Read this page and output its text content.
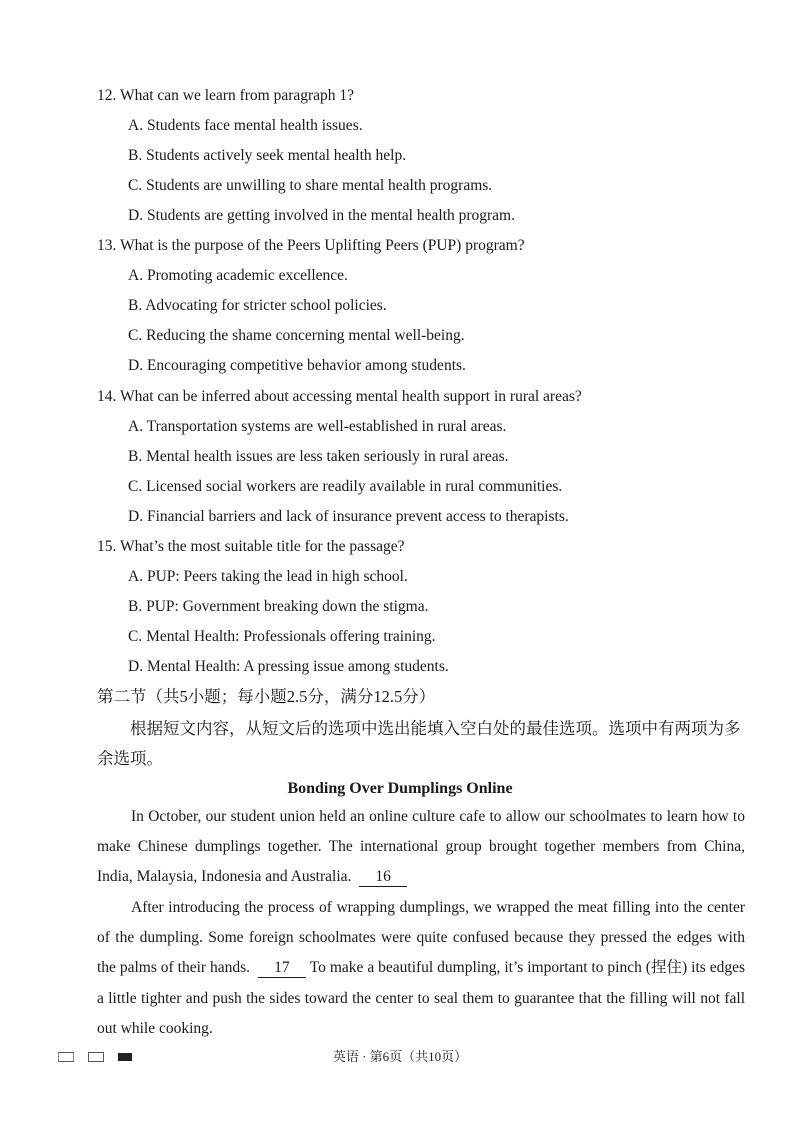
12. What can we learn from paragraph 1?
A. Students face mental health issues.
B. Students actively seek mental health help.
C. Students are unwilling to share mental health programs.
D. Students are getting involved in the mental health program.
13. What is the purpose of the Peers Uplifting Peers (PUP) program?
A. Promoting academic excellence.
B. Advocating for stricter school policies.
C. Reducing the shame concerning mental well-being.
D. Encouraging competitive behavior among students.
14. What can be inferred about accessing mental health support in rural areas?
A. Transportation systems are well-established in rural areas.
B. Mental health issues are less taken seriously in rural areas.
C. Licensed social workers are readily available in rural communities.
D. Financial barriers and lack of insurance prevent access to therapists.
15. What’s the most suitable title for the passage?
A. PUP: Peers taking the lead in high school.
B. PUP: Government breaking down the stigma.
C. Mental Health: Professionals offering training.
D. Mental Health: A pressing issue among students.
第二节（共5小题；每小题2.5分，满分12.5分）
根据短文内容，从短文后的选项中选出能填入空白处的最佳选项。选项中有两项为多余选项。
Bonding Over Dumplings Online
In October, our student union held an online culture cafe to allow our schoolmates to learn how to make Chinese dumplings together. The international group brought together members from China, India, Malaysia, Indonesia and Australia. 16
After introducing the process of wrapping dumplings, we wrapped the meat filling into the center of the dumpling. Some foreign schoolmates were quite confused because they pressed the edges with the palms of their hands. 17 To make a beautiful dumpling, it’s important to pinch (捏住) its edges a little tighter and push the sides toward the center to seal them to guarantee that the filling will not fall out while cooking.
英语 · 第6页（共10页）
